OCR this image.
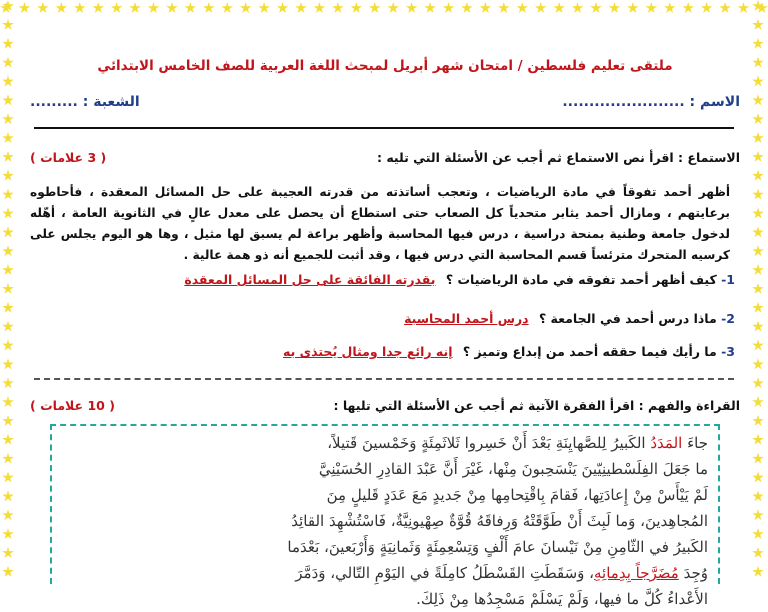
ملتقى تعليم فلسطين / امتحان شهر أبريل لمبحث اللغة العربية للصف الخامس الابتدائي
الاسم : .......................
الشعبة : .........
الاستماع : اقرأ نص الاستماع ثم أجب عن الأسئلة التي تليه :
( 3 علامات )
أظهر أحمد تفوقاً في مادة الرياضيات ، وتعجب أساتذته من قدرته العجيبة على حل المسائل المعقدة ، فأحاطوه برعايتهم ، ومازال أحمد يثابر متحدياً كل الصعاب حتى استطاع أن يحصل على معدل عالٍ في الثانوية العامة ، أهّله لدخول جامعة وطنية بمنحة دراسية ، درس فيها المحاسبة وأظهر براعة لم يسبق لها مثيل ، وها هو اليوم يجلس على كرسيه المتحرك مترئساً قسم المحاسبة التي درس فيها ، وقد أثبت للجميع أنه ذو همة عالية .
1- كيف أظهر أحمد تفوقه في مادة الرياضيات ؟ بقدرته الفائقة على حل المسائل المعقدة
2- ماذا درس أحمد في الجامعة ؟ درس أحمد المحاسبة
3- ما رأيك فيما حققه أحمد من إبداع وتميز ؟ إنه رائع جدا ومثال يُحتذى به
القراءة والفهم : اقرأ الفقرة الآتية ثم أجب عن الأسئلة التي تليها :
( 10 علامات )
جاءَ المَدَدُ الكَبيرُ لِلصَّهايِنَةِ بَعْدَ أَنْ خَسِروا ثَلاثَمِئَةٍ وَخَمْسينَ قَتيلاً،
ما جَعَلَ الفِلَسْطينِيّينَ يَنْسَحِبونَ مِنْها، غَيْرَ أَنَّ عَبْدَ القادِرِ الحُسَيْنِيَّ
لَمْ يَيْأَسْ مِنْ إِعادَتِها، فَقامَ بِاقْتِحامِها مِنْ جَديدٍ مَعَ عَدَدٍ قَليلٍ مِنَ
المُجاهِدينَ، وَما لَبِثَ أَنْ طَوَّقَتْهُ وَرِفاقَهُ قُوَّةٌ صِهْيونِيَّةٌ، فَاسْتُشْهِدَ القائِدُ
الكَبيرُ في الثّامِنِ مِنْ نَيْسانَ عامَ أَلْفٍ وَتِسْعِمِئَةٍ وَثَمانِيَةٍ وَأَرْبَعينَ، بَعْدَما
وُجِدَ مُضَرَّجاً بِدِمائِهِ، وَسَقَطَتِ القَسْطَلُ كامِلَةً في اليَوْمِ التّالي، وَدَمَّرَ
الأَعْداءُ كُلَّ ما فيها، وَلَمْ يَسْلَمْ مَسْجِدُها مِنْ ذَلِكَ.
